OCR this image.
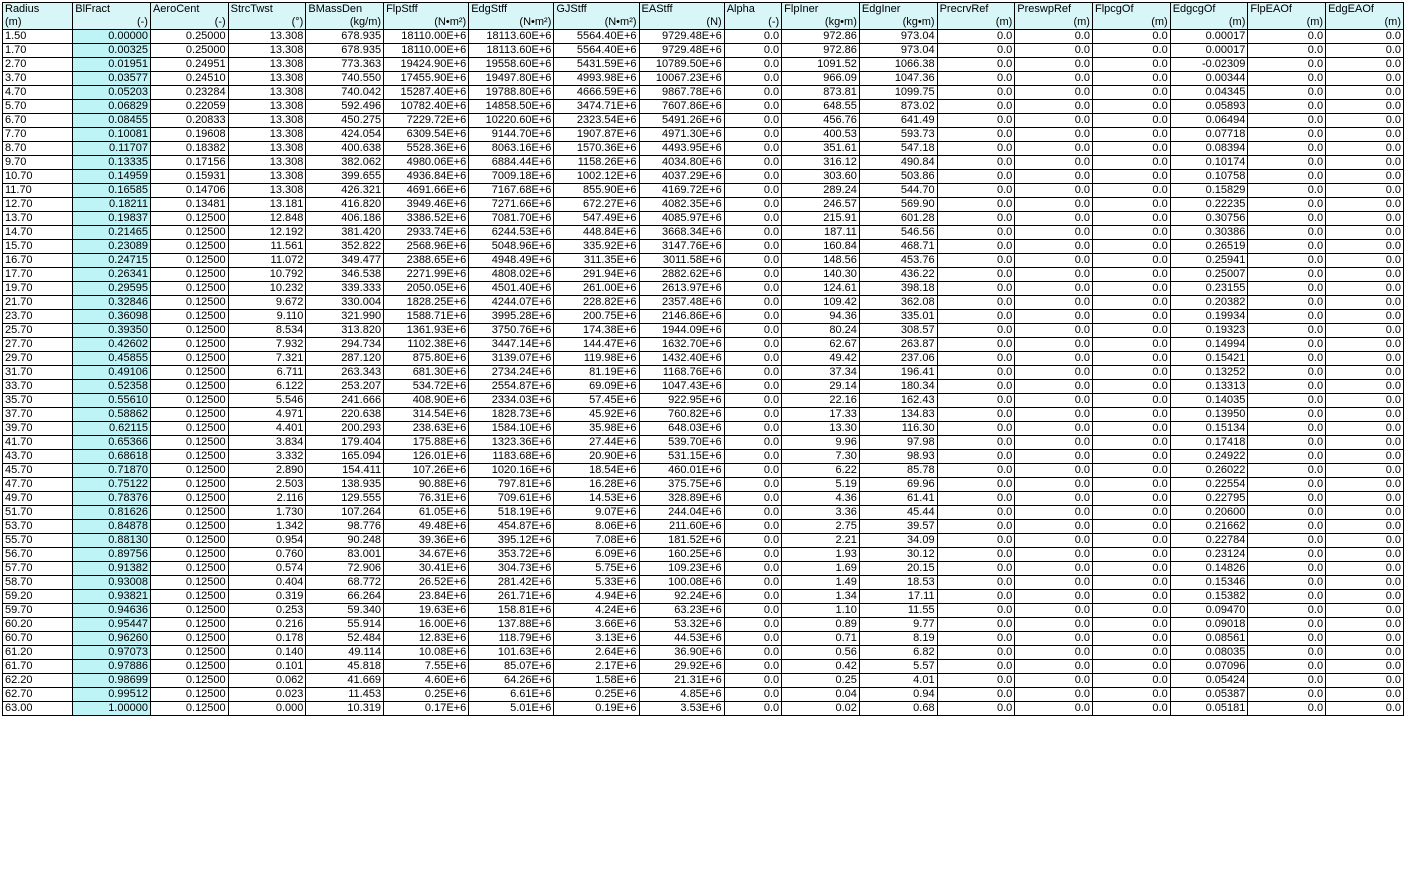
Radius	BlFract	AeroCent	StrcTwst	BMassDen	FlpStff	EdgStff	GJStff	EAStff	Alpha	FlpIner	EdgIner	PrecrvRef	PreswpRef	FlpcgOf	EdgcgOf	FlpEAOf	EdgEAOf
(m)	(-)	(-)	(°)	(kg/m)	(N•m²)	(N•m²)	(N•m²)	(N)	(-)	(kg•m)	(kg•m)	(m)	(m)	(m)	(m)	(m)	(m)
1.50	0.00000	0.25000	13.308	678.935	18110.00E+6	18113.60E+6	5564.40E+6	9729.48E+6	0.0	972.86	973.04	0.0	0.0	0.0	0.00017	0.0	0.0
1.70	0.00325	0.25000	13.308	678.935	18110.00E+6	18113.60E+6	5564.40E+6	9729.48E+6	0.0	972.86	973.04	0.0	0.0	0.0	0.00017	0.0	0.0
2.70	0.01951	0.24951	13.308	773.363	19424.90E+6	19558.60E+6	5431.59E+6	10789.50E+6	0.0	1091.52	1066.38	0.0	0.0	0.0	-0.02309	0.0	0.0
3.70	0.03577	0.24510	13.308	740.550	17455.90E+6	19497.80E+6	4993.98E+6	10067.23E+6	0.0	966.09	1047.36	0.0	0.0	0.0	0.00344	0.0	0.0
4.70	0.05203	0.23284	13.308	740.042	15287.40E+6	19788.80E+6	4666.59E+6	9867.78E+6	0.0	873.81	1099.75	0.0	0.0	0.0	0.04345	0.0	0.0
5.70	0.06829	0.22059	13.308	592.496	10782.40E+6	14858.50E+6	3474.71E+6	7607.86E+6	0.0	648.55	873.02	0.0	0.0	0.0	0.05893	0.0	0.0
6.70	0.08455	0.20833	13.308	450.275	7229.72E+6	10220.60E+6	2323.54E+6	5491.26E+6	0.0	456.76	641.49	0.0	0.0	0.0	0.06494	0.0	0.0
7.70	0.10081	0.19608	13.308	424.054	6309.54E+6	9144.70E+6	1907.87E+6	4971.30E+6	0.0	400.53	593.73	0.0	0.0	0.0	0.07718	0.0	0.0
8.70	0.11707	0.18382	13.308	400.638	5528.36E+6	8063.16E+6	1570.36E+6	4493.95E+6	0.0	351.61	547.18	0.0	0.0	0.0	0.08394	0.0	0.0
9.70	0.13335	0.17156	13.308	382.062	4980.06E+6	6884.44E+6	1158.26E+6	4034.80E+6	0.0	316.12	490.84	0.0	0.0	0.0	0.10174	0.0	0.0
10.70	0.14959	0.15931	13.308	399.655	4936.84E+6	7009.18E+6	1002.12E+6	4037.29E+6	0.0	303.60	503.86	0.0	0.0	0.0	0.10758	0.0	0.0
11.70	0.16585	0.14706	13.308	426.321	4691.66E+6	7167.68E+6	855.90E+6	4169.72E+6	0.0	289.24	544.70	0.0	0.0	0.0	0.15829	0.0	0.0
12.70	0.18211	0.13481	13.181	416.820	3949.46E+6	7271.66E+6	672.27E+6	4082.35E+6	0.0	246.57	569.90	0.0	0.0	0.0	0.22235	0.0	0.0
13.70	0.19837	0.12500	12.848	406.186	3386.52E+6	7081.70E+6	547.49E+6	4085.97E+6	0.0	215.91	601.28	0.0	0.0	0.0	0.30756	0.0	0.0
14.70	0.21465	0.12500	12.192	381.420	2933.74E+6	6244.53E+6	448.84E+6	3668.34E+6	0.0	187.11	546.56	0.0	0.0	0.0	0.30386	0.0	0.0
15.70	0.23089	0.12500	11.561	352.822	2568.96E+6	5048.96E+6	335.92E+6	3147.76E+6	0.0	160.84	468.71	0.0	0.0	0.0	0.26519	0.0	0.0
16.70	0.24715	0.12500	11.072	349.477	2388.65E+6	4948.49E+6	311.35E+6	3011.58E+6	0.0	148.56	453.76	0.0	0.0	0.0	0.25941	0.0	0.0
17.70	0.26341	0.12500	10.792	346.538	2271.99E+6	4808.02E+6	291.94E+6	2882.62E+6	0.0	140.30	436.22	0.0	0.0	0.0	0.25007	0.0	0.0
19.70	0.29595	0.12500	10.232	339.333	2050.05E+6	4501.40E+6	261.00E+6	2613.97E+6	0.0	124.61	398.18	0.0	0.0	0.0	0.23155	0.0	0.0
21.70	0.32846	0.12500	9.672	330.004	1828.25E+6	4244.07E+6	228.82E+6	2357.48E+6	0.0	109.42	362.08	0.0	0.0	0.0	0.20382	0.0	0.0
23.70	0.36098	0.12500	9.110	321.990	1588.71E+6	3995.28E+6	200.75E+6	2146.86E+6	0.0	94.36	335.01	0.0	0.0	0.0	0.19934	0.0	0.0
25.70	0.39350	0.12500	8.534	313.820	1361.93E+6	3750.76E+6	174.38E+6	1944.09E+6	0.0	80.24	308.57	0.0	0.0	0.0	0.19323	0.0	0.0
27.70	0.42602	0.12500	7.932	294.734	1102.38E+6	3447.14E+6	144.47E+6	1632.70E+6	0.0	62.67	263.87	0.0	0.0	0.0	0.14994	0.0	0.0
29.70	0.45855	0.12500	7.321	287.120	875.80E+6	3139.07E+6	119.98E+6	1432.40E+6	0.0	49.42	237.06	0.0	0.0	0.0	0.15421	0.0	0.0
31.70	0.49106	0.12500	6.711	263.343	681.30E+6	2734.24E+6	81.19E+6	1168.76E+6	0.0	37.34	196.41	0.0	0.0	0.0	0.13252	0.0	0.0
33.70	0.52358	0.12500	6.122	253.207	534.72E+6	2554.87E+6	69.09E+6	1047.43E+6	0.0	29.14	180.34	0.0	0.0	0.0	0.13313	0.0	0.0
35.70	0.55610	0.12500	5.546	241.666	408.90E+6	2334.03E+6	57.45E+6	922.95E+6	0.0	22.16	162.43	0.0	0.0	0.0	0.14035	0.0	0.0
37.70	0.58862	0.12500	4.971	220.638	314.54E+6	1828.73E+6	45.92E+6	760.82E+6	0.0	17.33	134.83	0.0	0.0	0.0	0.13950	0.0	0.0
39.70	0.62115	0.12500	4.401	200.293	238.63E+6	1584.10E+6	35.98E+6	648.03E+6	0.0	13.30	116.30	0.0	0.0	0.0	0.15134	0.0	0.0
41.70	0.65366	0.12500	3.834	179.404	175.88E+6	1323.36E+6	27.44E+6	539.70E+6	0.0	9.96	97.98	0.0	0.0	0.0	0.17418	0.0	0.0
43.70	0.68618	0.12500	3.332	165.094	126.01E+6	1183.68E+6	20.90E+6	531.15E+6	0.0	7.30	98.93	0.0	0.0	0.0	0.24922	0.0	0.0
45.70	0.71870	0.12500	2.890	154.411	107.26E+6	1020.16E+6	18.54E+6	460.01E+6	0.0	6.22	85.78	0.0	0.0	0.0	0.26022	0.0	0.0
47.70	0.75122	0.12500	2.503	138.935	90.88E+6	797.81E+6	16.28E+6	375.75E+6	0.0	5.19	69.96	0.0	0.0	0.0	0.22554	0.0	0.0
49.70	0.78376	0.12500	2.116	129.555	76.31E+6	709.61E+6	14.53E+6	328.89E+6	0.0	4.36	61.41	0.0	0.0	0.0	0.22795	0.0	0.0
51.70	0.81626	0.12500	1.730	107.264	61.05E+6	518.19E+6	9.07E+6	244.04E+6	0.0	3.36	45.44	0.0	0.0	0.0	0.20600	0.0	0.0
53.70	0.84878	0.12500	1.342	98.776	49.48E+6	454.87E+6	8.06E+6	211.60E+6	0.0	2.75	39.57	0.0	0.0	0.0	0.21662	0.0	0.0
55.70	0.88130	0.12500	0.954	90.248	39.36E+6	395.12E+6	7.08E+6	181.52E+6	0.0	2.21	34.09	0.0	0.0	0.0	0.22784	0.0	0.0
56.70	0.89756	0.12500	0.760	83.001	34.67E+6	353.72E+6	6.09E+6	160.25E+6	0.0	1.93	30.12	0.0	0.0	0.0	0.23124	0.0	0.0
57.70	0.91382	0.12500	0.574	72.906	30.41E+6	304.73E+6	5.75E+6	109.23E+6	0.0	1.69	20.15	0.0	0.0	0.0	0.14826	0.0	0.0
58.70	0.93008	0.12500	0.404	68.772	26.52E+6	281.42E+6	5.33E+6	100.08E+6	0.0	1.49	18.53	0.0	0.0	0.0	0.15346	0.0	0.0
59.20	0.93821	0.12500	0.319	66.264	23.84E+6	261.71E+6	4.94E+6	92.24E+6	0.0	1.34	17.11	0.0	0.0	0.0	0.15382	0.0	0.0
59.70	0.94636	0.12500	0.253	59.340	19.63E+6	158.81E+6	4.24E+6	63.23E+6	0.0	1.10	11.55	0.0	0.0	0.0	0.09470	0.0	0.0
60.20	0.95447	0.12500	0.216	55.914	16.00E+6	137.88E+6	3.66E+6	53.32E+6	0.0	0.89	9.77	0.0	0.0	0.0	0.09018	0.0	0.0
60.70	0.96260	0.12500	0.178	52.484	12.83E+6	118.79E+6	3.13E+6	44.53E+6	0.0	0.71	8.19	0.0	0.0	0.0	0.08561	0.0	0.0
61.20	0.97073	0.12500	0.140	49.114	10.08E+6	101.63E+6	2.64E+6	36.90E+6	0.0	0.56	6.82	0.0	0.0	0.0	0.08035	0.0	0.0
61.70	0.97886	0.12500	0.101	45.818	7.55E+6	85.07E+6	2.17E+6	29.92E+6	0.0	0.42	5.57	0.0	0.0	0.0	0.07096	0.0	0.0
62.20	0.98699	0.12500	0.062	41.669	4.60E+6	64.26E+6	1.58E+6	21.31E+6	0.0	0.25	4.01	0.0	0.0	0.0	0.05424	0.0	0.0
62.70	0.99512	0.12500	0.023	11.453	0.25E+6	6.61E+6	0.25E+6	4.85E+6	0.0	0.04	0.94	0.0	0.0	0.0	0.05387	0.0	0.0
63.00	1.00000	0.12500	0.000	10.319	0.17E+6	5.01E+6	0.19E+6	3.53E+6	0.0	0.02	0.68	0.0	0.0	0.0	0.05181	0.0	0.0
